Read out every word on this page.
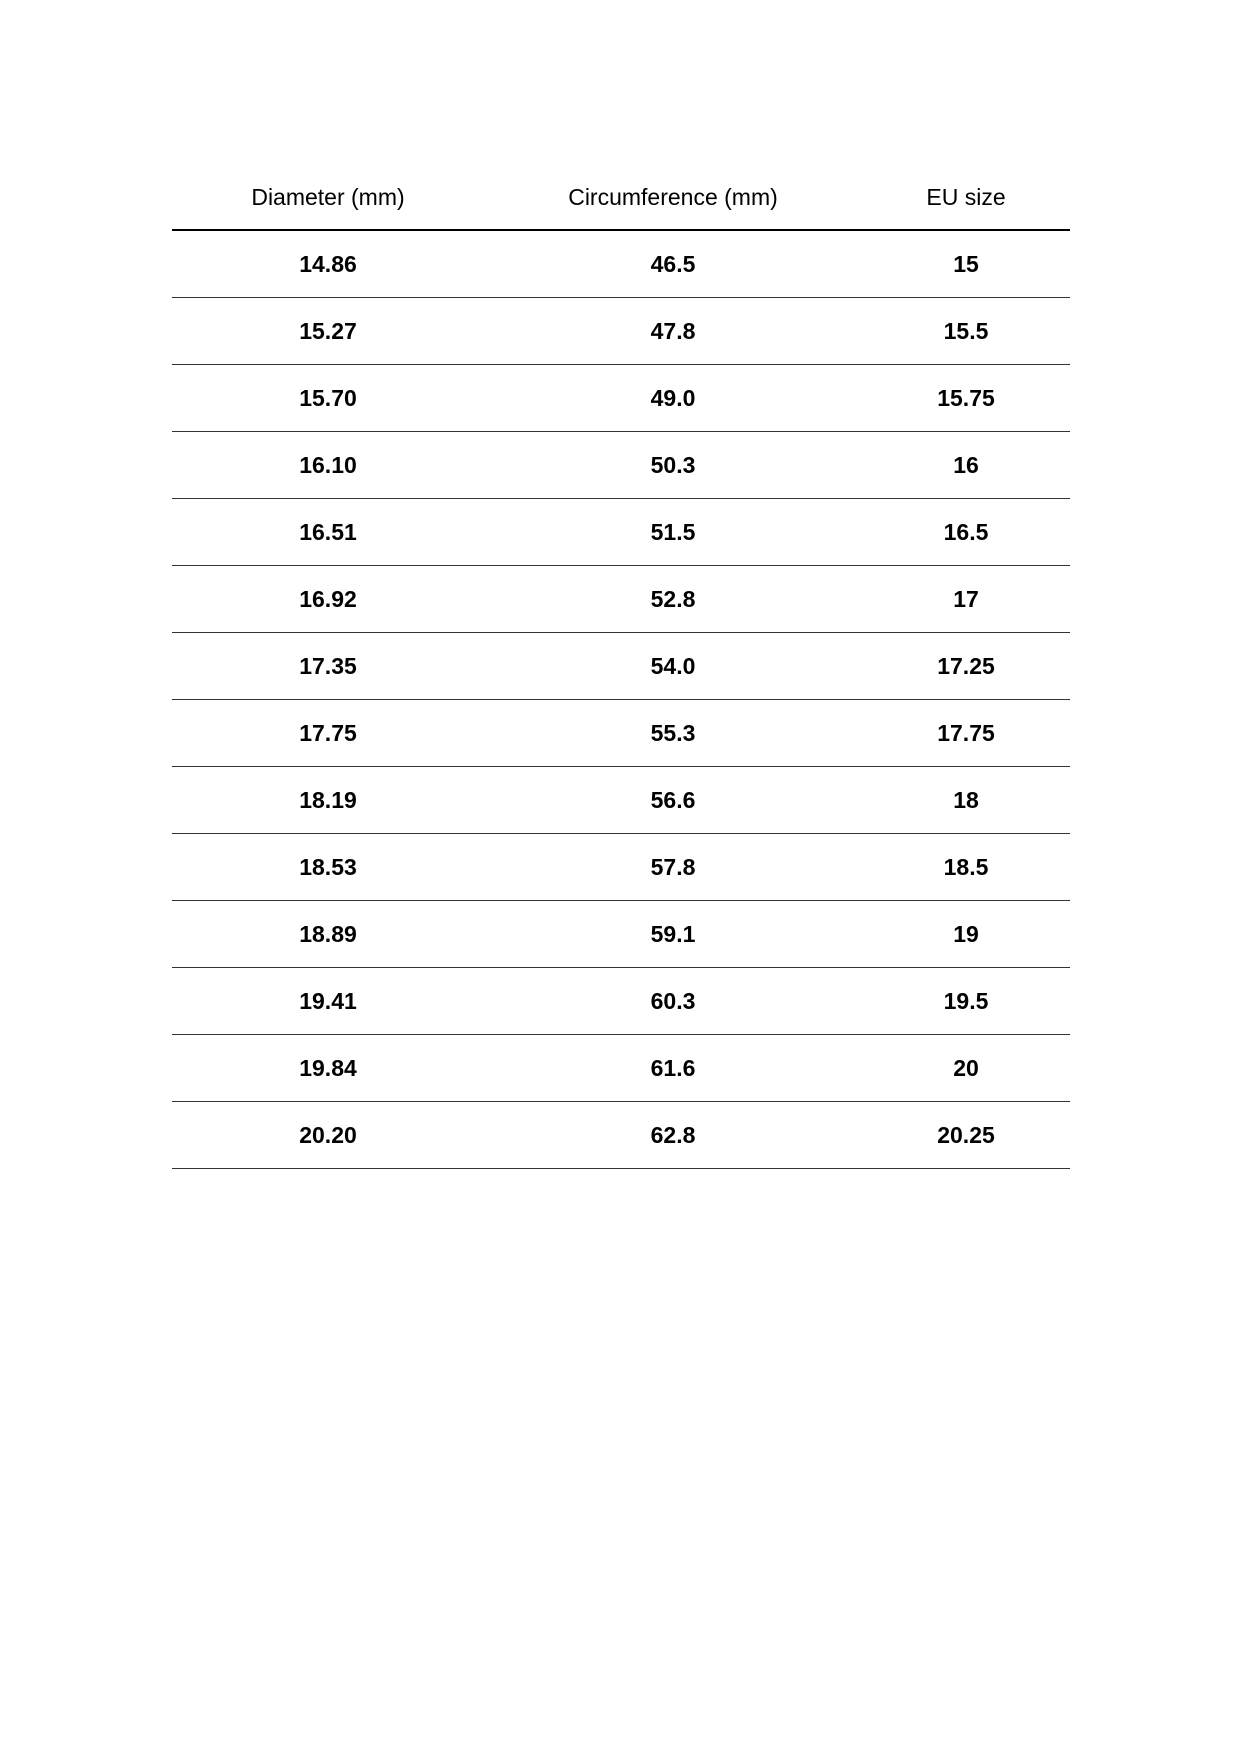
Diameter (mm)	Circumference (mm)	EU size
14.86	46.5	15
15.27	47.8	15.5
15.70	49.0	15.75
16.10	50.3	16
16.51	51.5	16.5
16.92	52.8	17
17.35	54.0	17.25
17.75	55.3	17.75
18.19	56.6	18
18.53	57.8	18.5
18.89	59.1	19
19.41	60.3	19.5
19.84	61.6	20
20.20	62.8	20.25
